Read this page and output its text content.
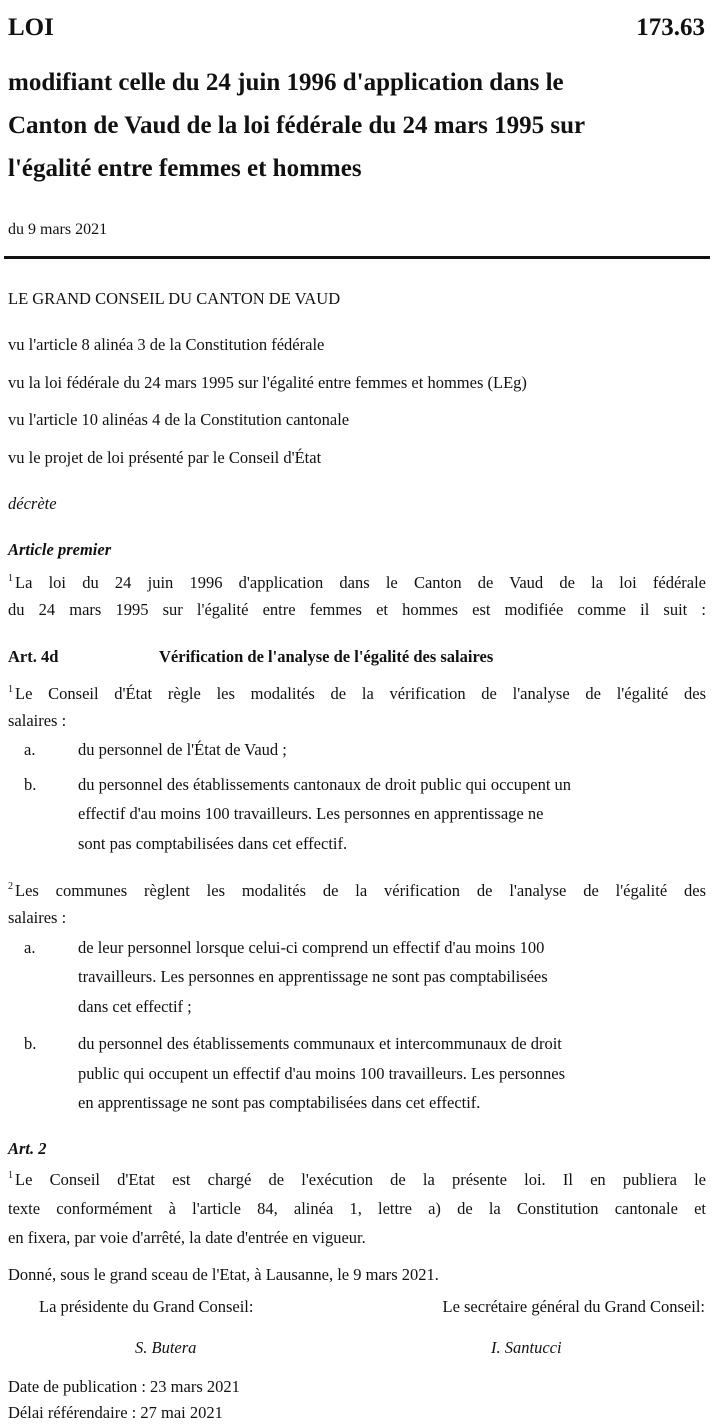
LOI	173.63
modifiant celle du 24 juin 1996 d'application dans le
Canton de Vaud de la loi fédérale du 24 mars 1995 sur
l'égalité entre femmes et hommes
du 9 mars 2021
LE GRAND CONSEIL DU CANTON DE VAUD
vu l'article 8 alinéa 3 de la Constitution fédérale
vu la loi fédérale du 24 mars 1995 sur l'égalité entre femmes et hommes (LEg)
vu l'article 10 alinéas 4 de la Constitution cantonale
vu le projet de loi présenté par le Conseil d'État
décrète
Article premier
$^1$ La loi du 24 juin 1996 d'application dans le Canton de Vaud de la loi fédérale
du 24 mars 1995 sur l'égalité entre femmes et hommes est modifiée comme il suit :
Art. 4d	Vérification de l'analyse de l'égalité des salaires
$^1$ Le Conseil d'État règle les modalités de la vérification de l'analyse de l'égalité des
salaires :
a.	du personnel de l'État de Vaud ;
b.	du personnel des établissements cantonaux de droit public qui occupent un
effectif d'au moins 100 travailleurs. Les personnes en apprentissage ne
sont pas comptabilisées dans cet effectif.
$^2$ Les communes règlent les modalités de la vérification de l'analyse de l'égalité des
salaires :
a.	de leur personnel lorsque celui-ci comprend un effectif d'au moins 100
travailleurs. Les personnes en apprentissage ne sont pas comptabilisées
dans cet effectif ;
b.	du personnel des établissements communaux et intercommunaux de droit
public qui occupent un effectif d'au moins 100 travailleurs. Les personnes
en apprentissage ne sont pas comptabilisées dans cet effectif.
Art. 2
$^1$ Le Conseil d'Etat est chargé de l'exécution de la présente loi. Il en publiera le
texte conformément à l'article 84, alinéa 1, lettre a) de la Constitution cantonale et
en fixera, par voie d'arrêté, la date d'entrée en vigueur.
Donné, sous le grand sceau de l'Etat, à Lausanne, le 9 mars 2021.
La présidente du Grand Conseil:	Le secrétaire général du Grand Conseil:
S. Butera	I. Santucci
Date de publication : 23 mars 2021
Délai référendaire : 27 mai 2021
